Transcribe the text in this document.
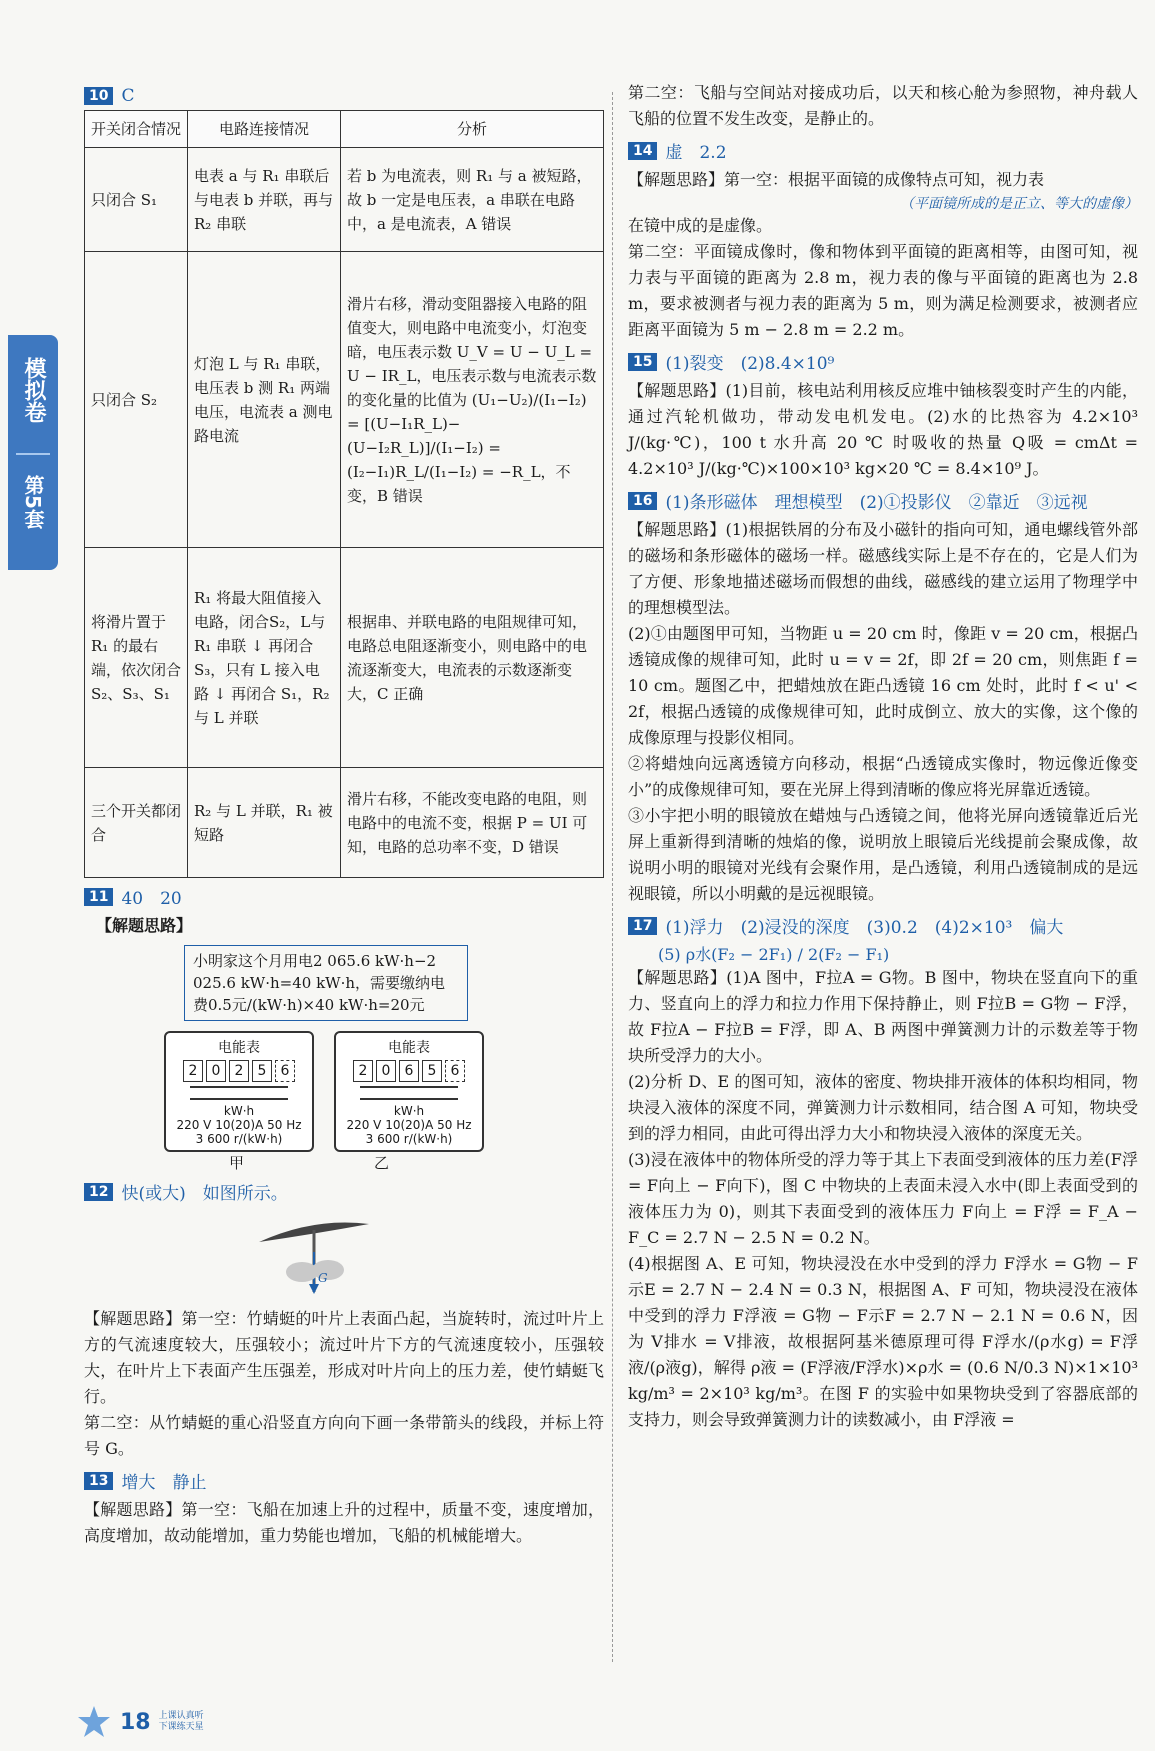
模拟卷
第5套
10 C
开关闭合情况	电路连接情况	分析
只闭合 S₁	电表 a 与 R₁ 串联后与电表 b 并联，再与 R₂ 串联	若 b 为电流表，则 R₁ 与 a 被短路，故 b 一定是电压表，a 串联在电路中，a 是电流表，A 错误
只闭合 S₂	灯泡 L 与 R₁ 串联，电压表 b 测 R₁ 两端电压，电流表 a 测电路电流	滑片右移，滑动变阻器接入电路的阻值变大，则电路中电流变小，灯泡变暗，电压表示数 U_V = U − U_L = U − IR_L，电压表示数与电流表示数的变化量的比值为 (U₁−U₂)/(I₁−I₂) = [(U−I₁R_L)−(U−I₂R_L)]/(I₁−I₂) = (I₂−I₁)R_L/(I₁−I₂) = −R_L，不变，B 错误
将滑片置于 R₁ 的最右端，依次闭合 S₂、S₃、S₁	R₁ 将最大阻值接入电路，闭合S₂，L与R₁ 串联 ↓ 再闭合 S₃，只有 L 接入电路 ↓ 再闭合 S₁，R₂ 与 L 并联	根据串、并联电路的电阻规律可知，电路总电阻逐渐变小，则电路中的电流逐渐变大，电流表的示数逐渐变大，C 正确
三个开关都闭合	R₂ 与 L 并联，R₁ 被短路	滑片右移，不能改变电路的电阻，则电路中的电流不变，根据 P = UI 可知，电路的总功率不变，D 错误
11 40　20

【解题思路】

小明家这个月用电2 065.6 kW·h−2 025.6 kW·h=40 kW·h，需要缴纳电费0.5元/(kW·h)×40 kW·h=20元
电能表
2	0	2	5	6
kW·h
220 V 10(20)A 50 Hz
3 600 r/(kW·h)
电能表
2	0	6	5	6
kW·h
220 V 10(20)A 50 Hz
3 600 r/(kW·h)
甲	乙
12 快(或大)　如图所示。
G

【解题思路】第一空：竹蜻蜓的叶片上表面凸起，当旋转时，流过叶片上方的气流速度较大，压强较小；流过叶片下方的气流速度较小，压强较大，在叶片上下表面产生压强差，形成对叶片向上的压力差，使竹蜻蜓飞行。

第二空：从竹蜻蜓的重心沿竖直方向向下画一条带箭头的线段，并标上符号 G。

13 增大　静止

【解题思路】第一空：飞船在加速上升的过程中，质量不变，速度增加，高度增加，故动能增加，重力势能也增加，飞船的机械能增大。

第二空：飞船与空间站对接成功后，以天和核心舱为参照物，神舟载人飞船的位置不发生改变，是静止的。

14 虚　2.2

【解题思路】第一空：根据平面镜的成像特点可知，视力表

（平面镜所成的是正立、等大的虚像）

在镜中成的是虚像。

第二空：平面镜成像时，像和物体到平面镜的距离相等，由图可知，视力表与平面镜的距离为 2.8 m，视力表的像与平面镜的距离也为 2.8 m，要求被测者与视力表的距离为 5 m，则为满足检测要求，被测者应距离平面镜为 5 m − 2.8 m = 2.2 m。

15 (1)裂变　(2)8.4×10⁹

【解题思路】(1)目前，核电站利用核反应堆中铀核裂变时产生的内能，通过汽轮机做功，带动发电机发电。(2)水的比热容为 4.2×10³ J/(kg·℃)，100 t 水升高 20 ℃ 时吸收的热量 Q吸 = cmΔt = 4.2×10³ J/(kg·℃)×100×10³ kg×20 ℃ = 8.4×10⁹ J。

16 (1)条形磁体　理想模型　(2)①投影仪　②靠近　③远视

【解题思路】(1)根据铁屑的分布及小磁针的指向可知，通电螺线管外部的磁场和条形磁体的磁场一样。磁感线实际上是不存在的，它是人们为了方便、形象地描述磁场而假想的曲线，磁感线的建立运用了物理学中的理想模型法。

(2)①由题图甲可知，当物距 u = 20 cm 时，像距 v = 20 cm，根据凸透镜成像的规律可知，此时 u = v = 2f，即 2f = 20 cm，则焦距 f = 10 cm。题图乙中，把蜡烛放在距凸透镜 16 cm 处时，此时 f < u' < 2f，根据凸透镜的成像规律可知，此时成倒立、放大的实像，这个像的成像原理与投影仪相同。

②将蜡烛向远离透镜方向移动，根据“凸透镜成实像时，物远像近像变小”的成像规律可知，要在光屏上得到清晰的像应将光屏靠近透镜。

③小宇把小明的眼镜放在蜡烛与凸透镜之间，他将光屏向透镜靠近后光屏上重新得到清晰的烛焰的像，说明放上眼镜后光线提前会聚成像，故说明小明的眼镜对光线有会聚作用，是凸透镜，利用凸透镜制成的是远视眼镜，所以小明戴的是远视眼镜。

17 (1)浮力　(2)浸没的深度　(3)0.2　(4)2×10³　偏大
(5) ρ水(F₂ − 2F₁) / 2(F₂ − F₁)

【解题思路】(1)A 图中，F拉A = G物。B 图中，物块在竖直向下的重力、竖直向上的浮力和拉力作用下保持静止，则 F拉B = G物 − F浮，故 F拉A − F拉B = F浮，即 A、B 两图中弹簧测力计的示数差等于物块所受浮力的大小。

(2)分析 D、E 的图可知，液体的密度、物块排开液体的体积均相同，物块浸入液体的深度不同，弹簧测力计示数相同，结合图 A 可知，物块受到的浮力相同，由此可得出浮力大小和物块浸入液体的深度无关。

(3)浸在液体中的物体所受的浮力等于其上下表面受到液体的压力差(F浮 = F向上 − F向下)，图 C 中物块的上表面未浸入水中(即上表面受到的液体压力为 0)，则其下表面受到的液体压力 F向上 = F浮 = F_A − F_C = 2.7 N − 2.5 N = 0.2 N。

(4)根据图 A、E 可知，物块浸没在水中受到的浮力 F浮水 = G物 − F示E = 2.7 N − 2.4 N = 0.3 N，根据图 A、F 可知，物块浸没在液体中受到的浮力 F浮液 = G物 − F示F = 2.7 N − 2.1 N = 0.6 N，因为 V排水 = V排液，故根据阿基米德原理可得 F浮水/(ρ水g) = F浮液/(ρ液g)，解得 ρ液 = (F浮液/F浮水)×ρ水 = (0.6 N/0.3 N)×1×10³ kg/m³ = 2×10³ kg/m³。在图 F 的实验中如果物块受到了容器底部的支持力，则会导致弹簧测力计的读数减小，由 F浮液 =

18 上课认真听
下课练天星
